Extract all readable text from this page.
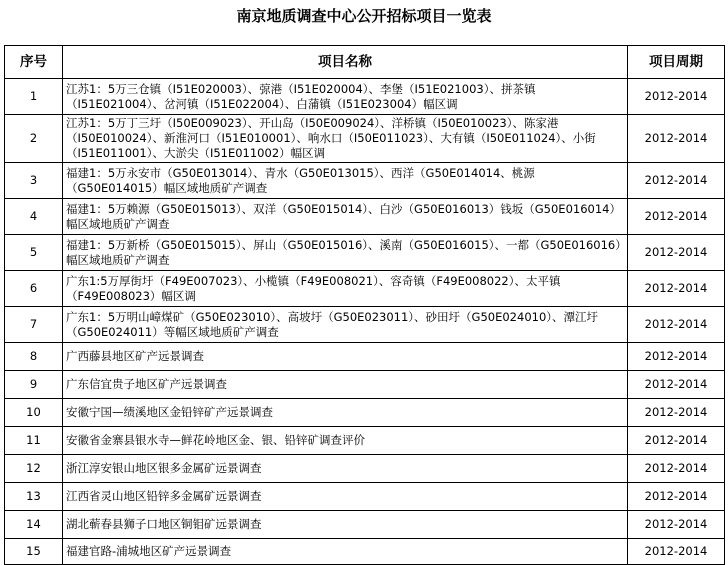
南京地质调查中心公开招标项目一览表
序号	项目名称	项目周期
1	江苏1：5万三仓镇（I51E020003）、弶港（I51E020004）、李堡（I51E021003）、拼茶镇（I51E021004）、岔河镇（I51E022004）、白蒲镇（I51E023004）幅区调	2012-2014
2	江苏1：5万丁三圩（I50E009023）、开山岛（I50E009024）、洋桥镇（I50E010023）、陈家港（I50E010024）、新淮河口（I51E010001）、响水口（I50E011023）、大有镇（I50E011024）、小街（I51E011001）、大淤尖（I51E011002）幅区调	2012-2014
3	福建1：5万永安市（G50E013014）、青水（G50E013015）、西洋（G50E014014、桃源（G50E014015）幅区域地质矿产调查	2012-2014
4	福建1：5万赖源（G50E015013）、双洋（G50E015014）、白沙（G50E016013）钱坂（G50E016014）幅区域地质矿产调查	2012-2014
5	福建1：5万新桥（G50E015015）、屏山（G50E015016）、溪南（G50E016015）、一都（G50E016016）幅区域地质矿产调查	2012-2014
6	广东1:5万厚街圩（F49E007023）、小榄镇（F49E008021）、容奇镇（F49E008022）、太平镇（F49E008023）幅区调	2012-2014
7	广东1：5万明山嶂煤矿（G50E023010）、高坡圩（G50E023011）、砂田圩（G50E024010）、潭江圩（G50E024011）等幅区域地质矿产调查	2012-2014
8	广西藤县地区矿产远景调查	2012-2014
9	广东信宜贵子地区矿产远景调查	2012-2014
10	安徽宁国—绩溪地区金铅锌矿产远景调查	2012-2014
11	安徽省金寨县银水寺—鲜花岭地区金、银、铅锌矿调查评价	2012-2014
12	浙江淳安银山地区银多金属矿远景调查	2012-2014
13	江西省灵山地区铅锌多金属矿远景调查	2012-2014
14	湖北蕲春县狮子口地区铜钼矿远景调查	2012-2014
15	福建官路-浦城地区矿产远景调查	2012-2014
